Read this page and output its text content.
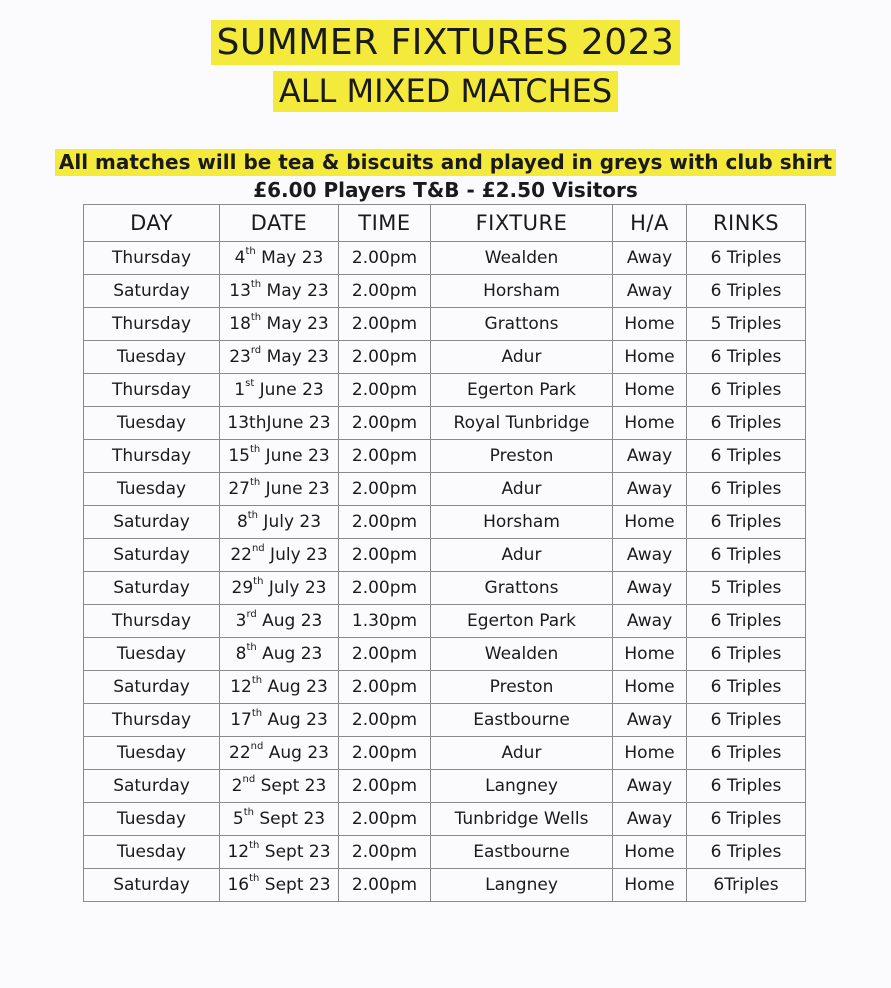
SUMMER FIXTURES 2023
ALL MIXED MATCHES
All matches will be tea & biscuits and played in greys with club shirt
£6.00 Players T&B - £2.50 Visitors
DAY	DATE	TIME	FIXTURE	H/A	RINKS
Thursday	4th May 23	2.00pm	Wealden	Away	6 Triples
Saturday	13th May 23	2.00pm	Horsham	Away	6 Triples
Thursday	18th May 23	2.00pm	Grattons	Home	5 Triples
Tuesday	23rd May 23	2.00pm	Adur	Home	6 Triples
Thursday	1st June 23	2.00pm	Egerton Park	Home	6 Triples
Tuesday	13thJune 23	2.00pm	Royal Tunbridge	Home	6 Triples
Thursday	15th June 23	2.00pm	Preston	Away	6 Triples
Tuesday	27th June 23	2.00pm	Adur	Away	6 Triples
Saturday	8th July 23	2.00pm	Horsham	Home	6 Triples
Saturday	22nd July 23	2.00pm	Adur	Away	6 Triples
Saturday	29th July 23	2.00pm	Grattons	Away	5 Triples
Thursday	3rd Aug 23	1.30pm	Egerton Park	Away	6 Triples
Tuesday	8th Aug 23	2.00pm	Wealden	Home	6 Triples
Saturday	12th Aug 23	2.00pm	Preston	Home	6 Triples
Thursday	17th Aug 23	2.00pm	Eastbourne	Away	6 Triples
Tuesday	22nd Aug 23	2.00pm	Adur	Home	6 Triples
Saturday	2nd Sept 23	2.00pm	Langney	Away	6 Triples
Tuesday	5th Sept 23	2.00pm	Tunbridge Wells	Away	6 Triples
Tuesday	12th Sept 23	2.00pm	Eastbourne	Home	6 Triples
Saturday	16th Sept 23	2.00pm	Langney	Home	6Triples
